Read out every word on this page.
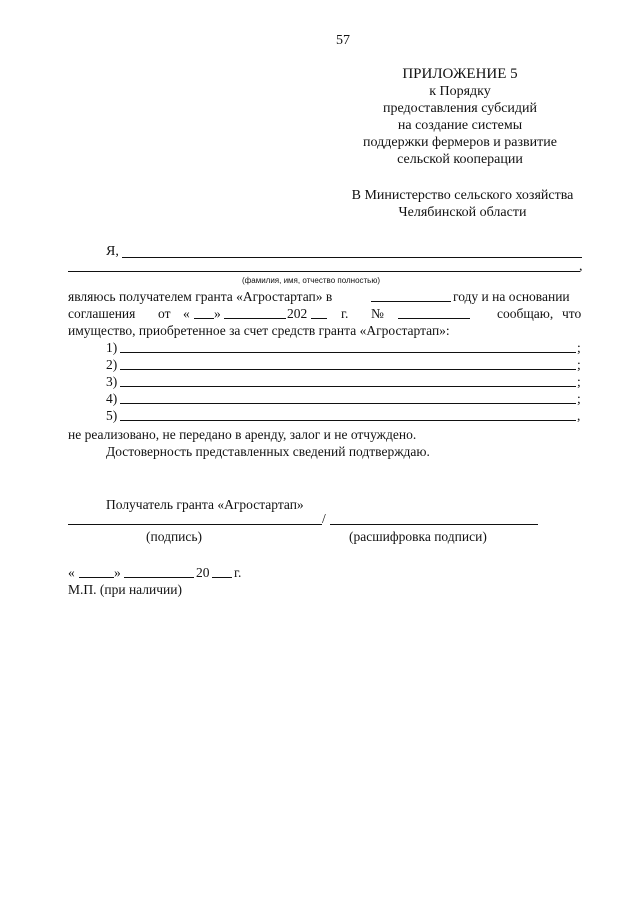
57
ПРИЛОЖЕНИЕ 5
к Порядку
предоставления субсидий
на создание системы
поддержки фермеров и развитие
сельской кооперации
В Министерство сельского хозяйства
Челябинской области
Я,
,
(фамилия, имя, отчество полностью)
являюсь получателем гранта «Агростартап» в	году и на основании
соглашения от « »	202	г. №	сообщаю, что
имущество, приобретенное за счет средств гранта «Агростартап»:
1)	;
2)	;
3)	;
4)	;
5)	,
не реализовано, не передано в аренду, залог и не отчуждено.
Достоверность представленных сведений подтверждаю.
Получатель гранта «Агростартап»
/
(подпись)	(расшифровка подписи)
«	»	20 г.
М.П. (при наличии)
